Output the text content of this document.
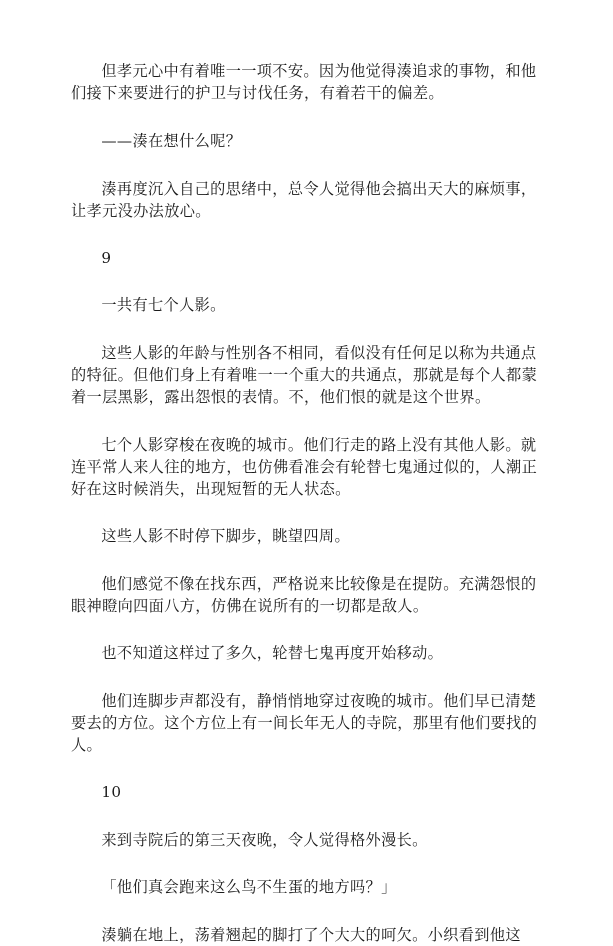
但孝元心中有着唯一一项不安。因为他觉得湊追求的事物，和他们接下来要进行的护卫与讨伐任务，有着若干的偏差。

——湊在想什么呢？

湊再度沉入自己的思绪中，总令人觉得他会搞出天大的麻烦事，让孝元没办法放心。

9

一共有七个人影。

这些人影的年龄与性别各不相同，看似没有任何足以称为共通点的特征。但他们身上有着唯一一个重大的共通点，那就是每个人都蒙着一层黑影，露出怨恨的表情。不，他们恨的就是这个世界。

七个人影穿梭在夜晚的城市。他们行走的路上没有其他人影。就连平常人来人往的地方，也仿佛看准会有轮替七鬼通过似的，人潮正好在这时候消失，出现短暂的无人状态。

这些人影不时停下脚步，眺望四周。

他们感觉不像在找东西，严格说来比较像是在提防。充满怨恨的眼神瞪向四面八方，仿佛在说所有的一切都是敌人。

也不知道这样过了多久，轮替七鬼再度开始移动。

他们连脚步声都没有，静悄悄地穿过夜晚的城市。他们早已清楚要去的方位。这个方位上有一间长年无人的寺院，那里有他们要找的人。

10

来到寺院后的第三天夜晚，令人觉得格外漫长。

「他们真会跑来这么鸟不生蛋的地方吗？」

湊躺在地上，荡着翘起的脚打了个大大的呵欠。小织看到他这
